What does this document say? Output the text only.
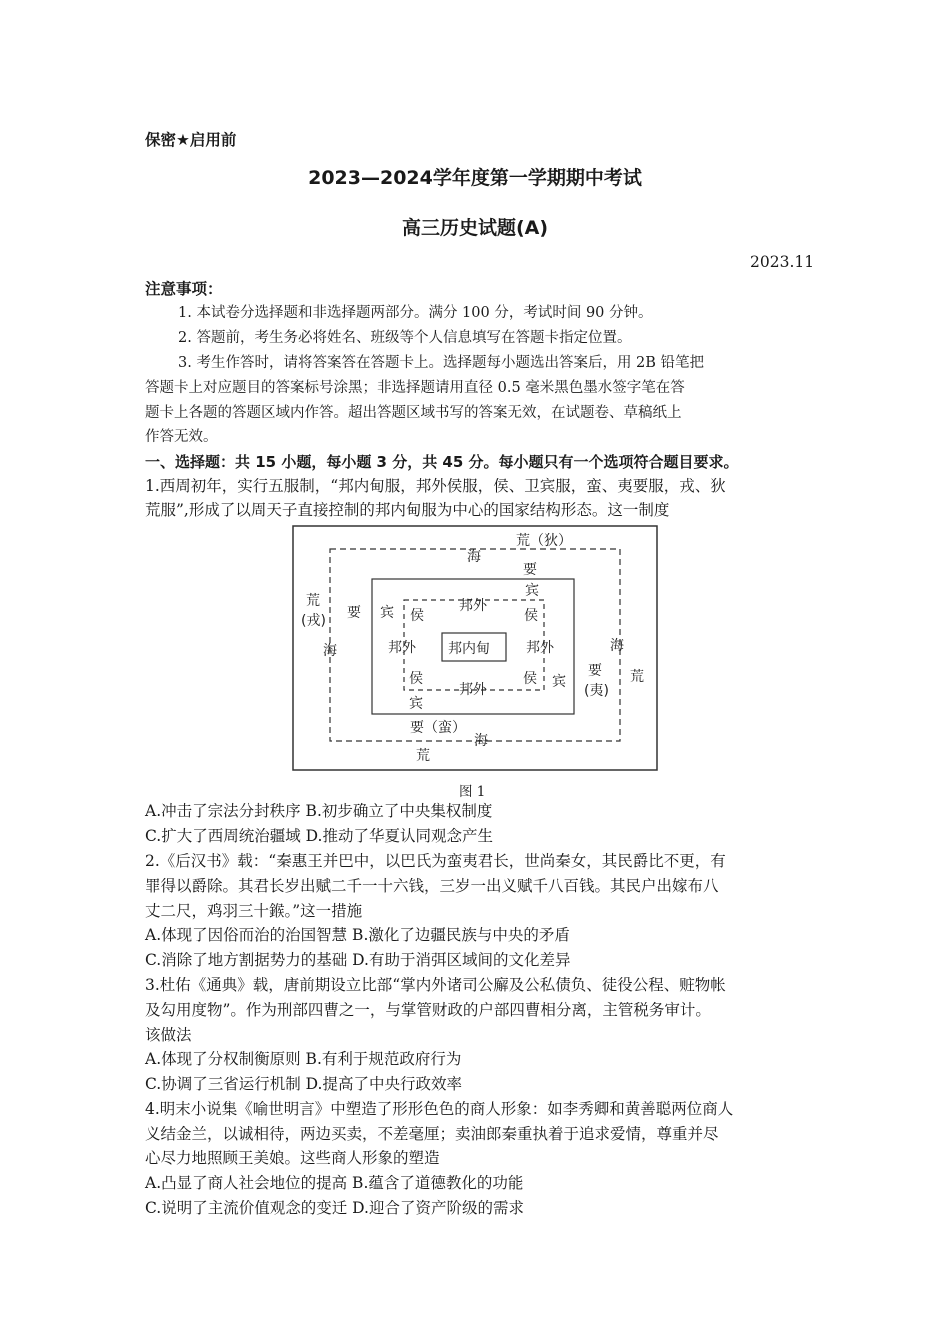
保密★启用前
2023—2024学年度第一学期期中考试
高三历史试题(A)
2023.11
注意事项：
1. 本试卷分选择题和非选择题两部分。满分 100 分，考试时间 90 分钟。
2. 答题前，考生务必将姓名、班级等个人信息填写在答题卡指定位置。
3. 考生作答时，请将答案答在答题卡上。选择题每小题选出答案后，用 2B 铅笔把
答题卡上对应题目的答案标号涂黑；非选择题请用直径 0.5 毫米黑色墨水签字笔在答
题卡上各题的答题区域内作答。超出答题区域书写的答案无效，在试题卷、草稿纸上
作答无效。
一、选择题：共 15 小题，每小题 3 分，共 45 分。每小题只有一个选项符合题目要求。
1.西周初年，实行五服制，“邦内甸服，邦外侯服，侯、卫宾服，蛮、夷要服，戎、狄
荒服”,形成了以周天子直接控制的邦内甸服为中心的国家结构形态。这一制度
荒（狄）
海
要
荒
(戎) 要
海
宾 侯
邦外
宾
侯
邦外 邦内甸	邦外
侯
邦外
侯 宾
宾
要（蛮）
海
要
(夷)
荒
海
荒
图 1
A.冲击了宗法分封秩序 B.初步确立了中央集权制度
C.扩大了西周统治疆域 D.推动了华夏认同观念产生
2.《后汉书》载：“秦惠王并巴中，以巴氏为蛮夷君长，世尚秦女，其民爵比不更，有
罪得以爵除。其君长岁出赋二千一十六钱，三岁一出义赋千八百钱。其民户出嫁布八
丈二尺，鸡羽三十鍭。”这一措施
A.体现了因俗而治的治国智慧 B.激化了边疆民族与中央的矛盾
C.消除了地方割据势力的基础 D.有助于消弭区域间的文化差异
3.杜佑《通典》载，唐前期设立比部“掌内外诸司公廨及公私债负、徒役公程、赃物帐
及勾用度物”。作为刑部四曹之一，与掌管财政的户部四曹相分离，主管税务审计。
该做法
A.体现了分权制衡原则 B.有利于规范政府行为
C.协调了三省运行机制 D.提高了中央行政效率
4.明末小说集《喻世明言》中塑造了形形色色的商人形象：如李秀卿和黄善聪两位商人
义结金兰，以诚相待，两边买卖，不差毫厘；卖油郎秦重执着于追求爱情，尊重并尽
心尽力地照顾王美娘。这些商人形象的塑造
A.凸显了商人社会地位的提高 B.蕴含了道德教化的功能
C.说明了主流价值观念的变迁 D.迎合了资产阶级的需求
